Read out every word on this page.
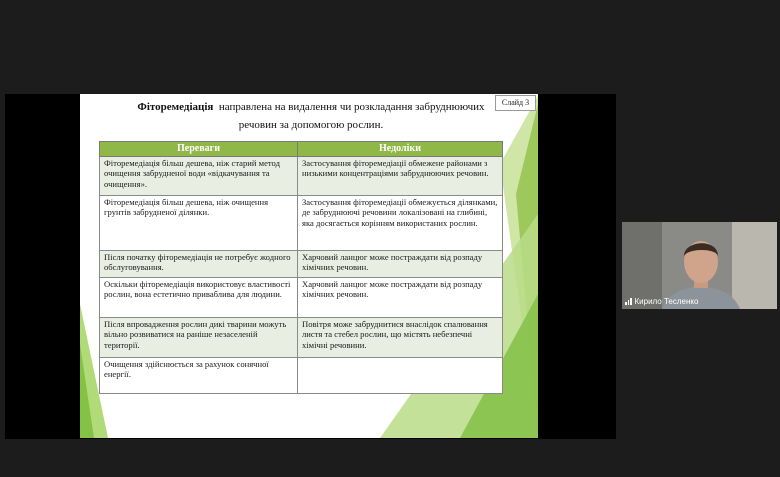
Слайд 3
Фіторемедіація направлена на видалення чи розкладання забруднюючих
речовин за допомогою рослин.
Переваги	Недоліки
Фіторемедіація більш дешева, ніж старий метод очищення забрудненої води «відкачування та очищення».	Застосування фіторемедіації обмежене районами з низькими концентраціями забруднюючих речовин.
Фіторемедіація більш дешева, ніж очищення грунтів забрудненої ділянки.	Застосування фіторемедіації обмежується ділянками, де забруднюючі речовини локалізовані на глибині, яка досягається корінням використаних рослин.
Після початку фіторемедіація не потребує жодного обслуговування.	Харчовий ланцюг може постраждати від розпаду хімічних речовин.
Оскільки фіторемедіація використовує властивості рослин, вона естетично приваблива для людини.	Харчовий ланцюг може постраждати від розпаду хімічних речовин.
Після впровадження рослин дикі тварини можуть вільно розвиватися на раніше незаселеній території.	Повітря може забруднитися внаслідок спалювання листя та стебел рослин, що містять небезпечні хімічні речовини.
Очищення здійснюється за рахунок сонячної енергії.	
Кирило Тесленко
